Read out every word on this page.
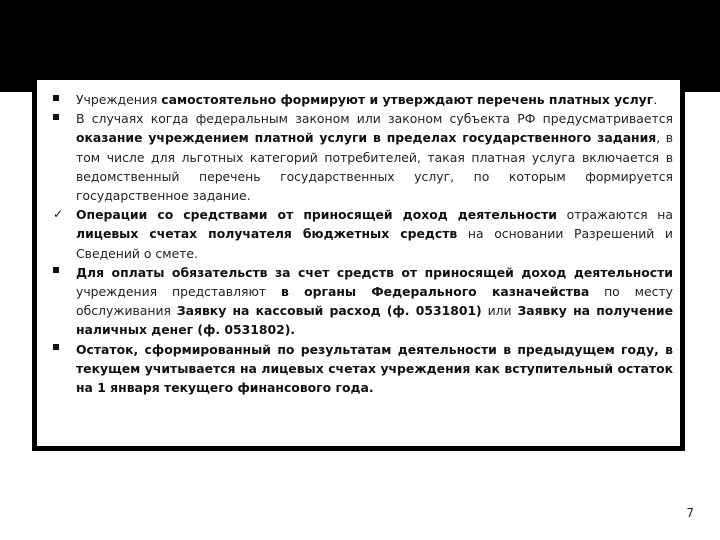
Учреждения самостоятельно формируют и утверждают перечень платных услуг.
В случаях когда федеральным законом или законом субъекта РФ предусматривается оказание учреждением платной услуги в пределах государственного задания, в том числе для льготных категорий потребителей, такая платная услуга включается в ведомственный перечень государственных услуг, по которым формируется государственное задание.
✓	Операции со средствами от приносящей доход деятельности отражаются на лицевых счетах получателя бюджетных средств на основании Разрешений и Сведений о смете.
Для оплаты обязательств за счет средств от приносящей доход деятельности учреждения представляют в органы Федерального казначейства по месту обслуживания Заявку на кассовый расход (ф. 0531801) или Заявку на получение наличных денег (ф. 0531802).
Остаток, сформированный по результатам деятельности в предыдущем году, в текущем учитывается на лицевых счетах учреждения как вступительный остаток на 1 января текущего финансового года.
7
